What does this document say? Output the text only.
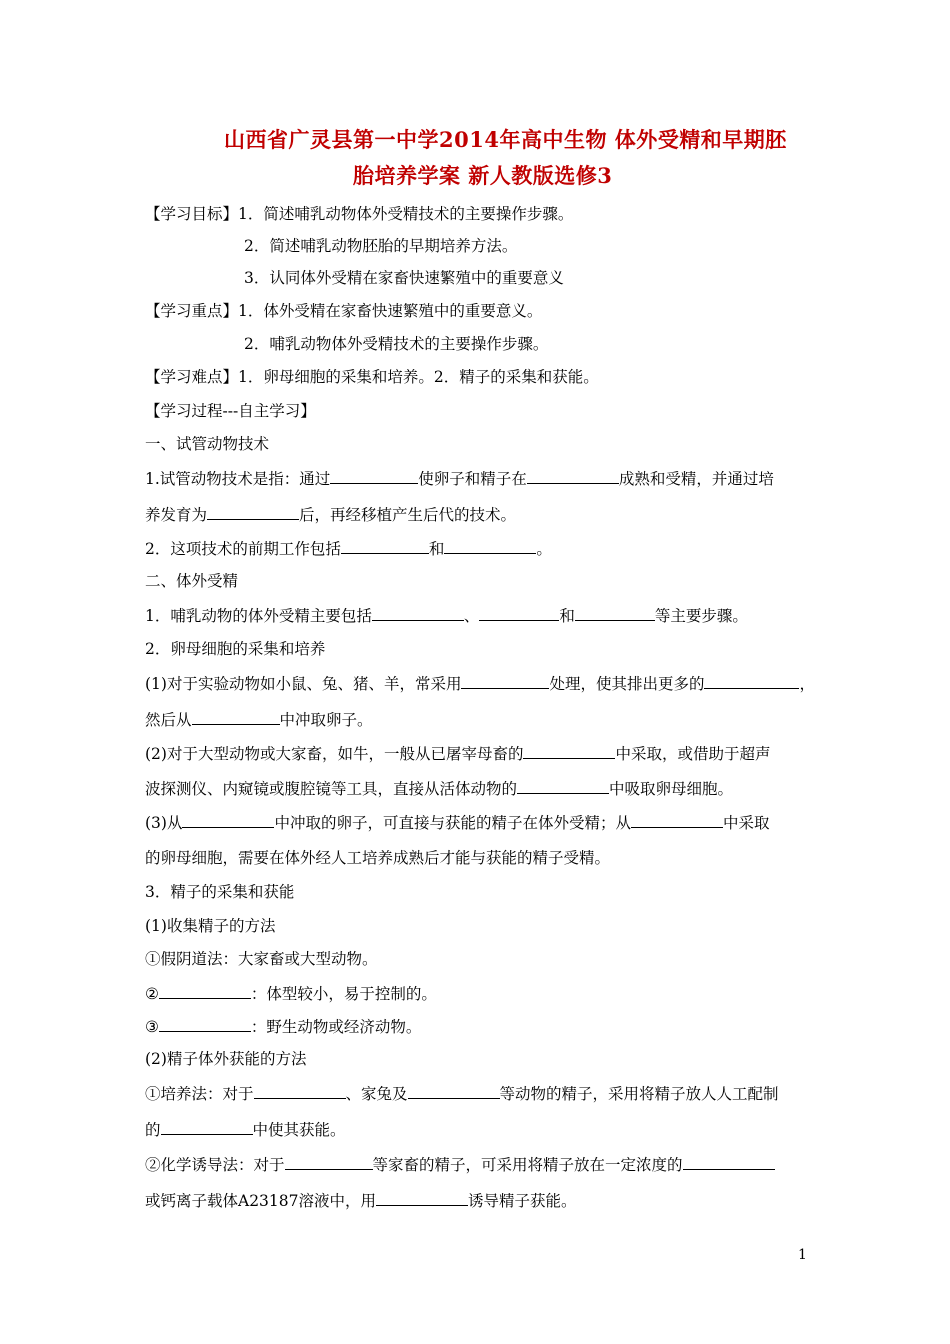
山西省广灵县第一中学2014年高中生物 体外受精和早期胚
胎培养学案 新人教版选修3
【学习目标】1．简述哺乳动物体外受精技术的主要操作步骤。
2．简述哺乳动物胚胎的早期培养方法。
3．认同体外受精在家畜快速繁殖中的重要意义
【学习重点】1．体外受精在家畜快速繁殖中的重要意义。
2．哺乳动物体外受精技术的主要操作步骤。
【学习难点】1．卵母细胞的采集和培养。2．精子的采集和获能。
【学习过程---自主学习】
一、试管动物技术
1.试管动物技术是指：通过	使卵子和精子在	成熟和受精，并通过培
养发育为	后，再经移植产生后代的技术。
2．这项技术的前期工作包括	和	。
二、体外受精
1．哺乳动物的体外受精主要包括	、	和	等主要步骤。
2．卵母细胞的采集和培养
(1)对于实验动物如小鼠、兔、猪、羊，常采用	处理，使其排出更多的	，
然后从	中冲取卵子。
(2)对于大型动物或大家畜，如牛，一般从已屠宰母畜的	中采取，或借助于超声
波探测仪、内窥镜或腹腔镜等工具，直接从活体动物的	中吸取卵母细胞。
(3)从	中冲取的卵子，可直接与获能的精子在体外受精；从	中采取
的卵母细胞，需要在体外经人工培养成熟后才能与获能的精子受精。
3．精子的采集和获能
(1)收集精子的方法
①假阴道法：大家畜或大型动物。
②	：体型较小，易于控制的。
③	：野生动物或经济动物。
(2)精子体外获能的方法
①培养法：对于	、家兔及	等动物的精子，采用将精子放人人工配制
的	中使其获能。
②化学诱导法：对于	等家畜的精子，可采用将精子放在一定浓度的
或钙离子载体A23187溶液中，用	诱导精子获能。
1
